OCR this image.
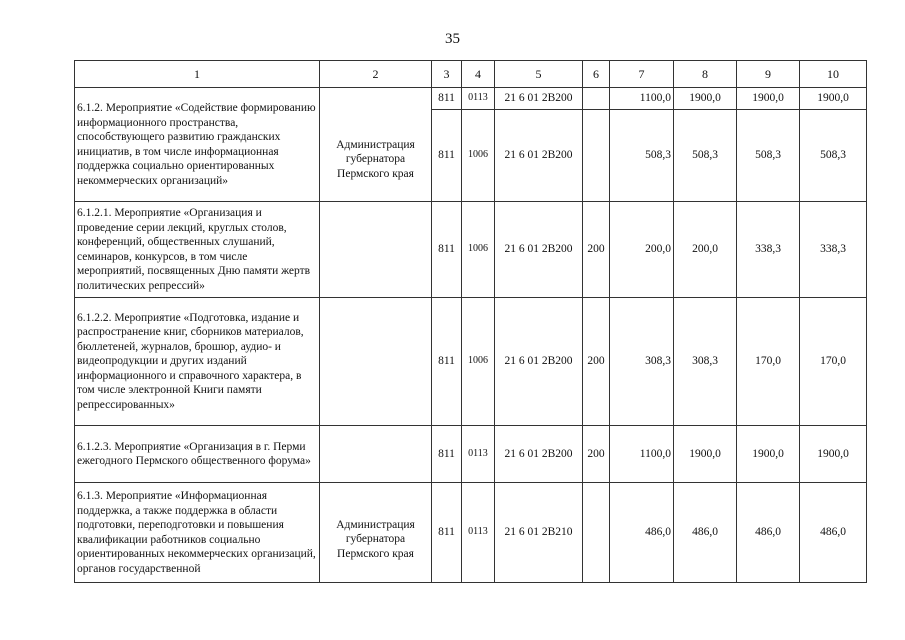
35
1	2	3	4	5	6	7	8	9	10
6.1.2. Мероприятие «Содействие формированию информационного пространства, способствующего развитию гражданских инициатив, в том числе информационная поддержка социально ориентированных некоммерческих организаций»	Администрация губернатора Пермского края	811	0113	21 6 01 2В200		1100,0	1900,0	1900,0	1900,0
		811	1006	21 6 01 2В200		508,3	508,3	508,3	508,3
6.1.2.1. Мероприятие «Организация и проведение серии лекций, круглых столов, конференций, общественных слушаний, семинаров, конкурсов, в том числе мероприятий, посвященных Дню памяти жертв политических репрессий»		811	1006	21 6 01 2В200	200	200,0	200,0	338,3	338,3
6.1.2.2. Мероприятие «Подготовка, издание и распространение книг, сборников материалов, бюллетеней, журналов, брошюр, аудио- и видеопродукции и других изданий информационного и справочного характера, в том числе электронной Книги памяти репрессированных»		811	1006	21 6 01 2В200	200	308,3	308,3	170,0	170,0
6.1.2.3. Мероприятие «Организация в г. Перми ежегодного Пермского общественного форума»		811	0113	21 6 01 2В200	200	1100,0	1900,0	1900,0	1900,0
6.1.3. Мероприятие «Информационная поддержка, а также поддержка в области подготовки, переподготовки и повышения квалификации работников социально ориентированных некоммерческих организаций, органов государственной	Администрация губернатора Пермского края	811	0113	21 6 01 2В210		486,0	486,0	486,0	486,0
